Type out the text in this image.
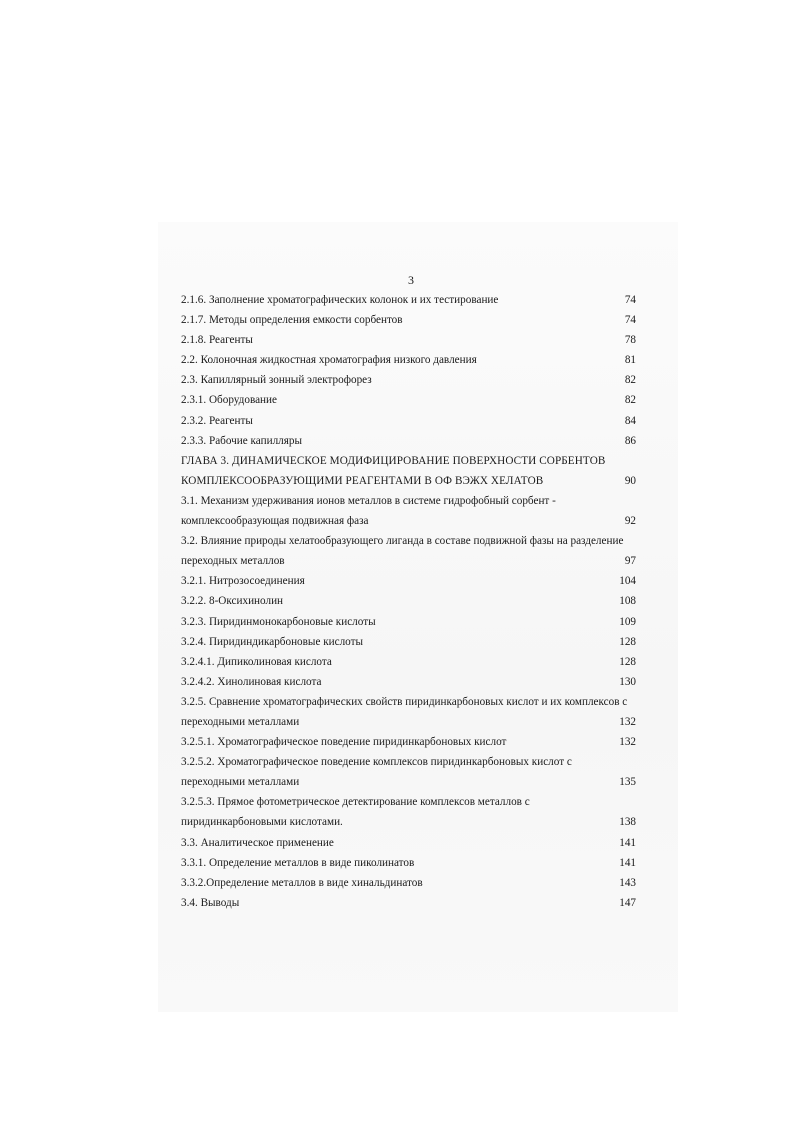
3
2.1.6. Заполнение хроматографических колонок и их тестирование	74
2.1.7. Методы определения емкости сорбентов	74
2.1.8. Реагенты	78
2.2. Колоночная жидкостная хроматография низкого давления	81
2.3. Капиллярный зонный электрофорез	82
2.3.1. Оборудование	82
2.3.2. Реагенты	84
2.3.3. Рабочие капилляры	86
ГЛАВА 3. ДИНАМИЧЕСКОЕ МОДИФИЦИРОВАНИЕ ПОВЕРХНОСТИ СОРБЕНТОВ
КОМПЛЕКСООБРАЗУЮЩИМИ РЕАГЕНТАМИ В ОФ ВЭЖХ ХЕЛАТОВ	90
3.1. Механизм удерживания ионов металлов в системе гидрофобный сорбент -
комплексообразующая подвижная фаза	92
3.2. Влияние природы хелатообразующего лиганда в составе подвижной фазы на разделение
переходных металлов	97
3.2.1. Нитрозосоединения	104
3.2.2. 8-Оксихинолин	108
3.2.3. Пиридинмонокарбоновые кислоты	109
3.2.4. Пиридиндикарбоновые кислоты	128
3.2.4.1. Дипиколиновая кислота	128
3.2.4.2. Хинолиновая кислота	130
3.2.5. Сравнение хроматографических свойств пиридинкарбоновых кислот и их комплексов с
переходными металлами	132
3.2.5.1. Хроматографическое поведение пиридинкарбоновых кислот	132
3.2.5.2. Хроматографическое поведение комплексов пиридинкарбоновых кислот с
переходными металлами	135
3.2.5.3. Прямое фотометрическое детектирование комплексов металлов с
пиридинкарбоновыми кислотами.	138
3.3. Аналитическое применение	141
3.3.1. Определение металлов в виде пиколинатов	141
3.3.2.Определение металлов в виде хинальдинатов	143
3.4. Выводы	147
